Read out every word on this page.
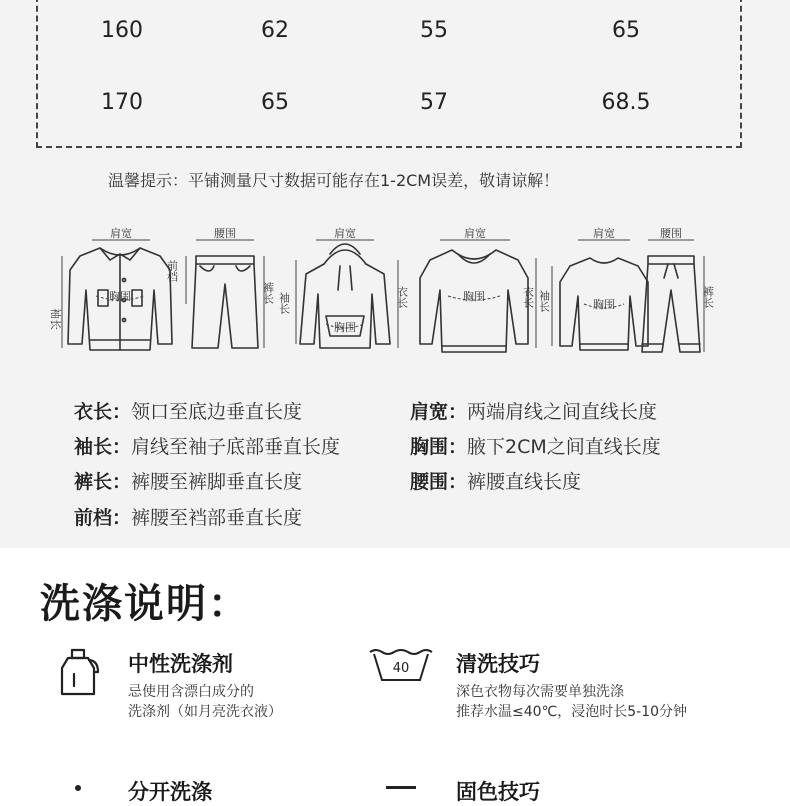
160	62	55	65
170	65	57	68.5
温馨提示：平铺测量尺寸数据可能存在1-2CM误差，敬请谅解！
肩宽	腰围	肩宽	肩宽	肩宽	腰围
胸围
胸围
胸围
胸围
袖长
前档
裤长 袖长	衣长	衣长 袖长	裤长
衣长：领口至底边垂直长度
袖长：肩线至袖子底部垂直长度
裤长：裤腰至裤脚垂直长度
前档：裤腰至裆部垂直长度
肩宽：两端肩线之间直线长度
胸围：腋下2CM之间直线长度
腰围：裤腰直线长度
洗涤说明：
中性洗涤剂
忌使用含漂白成分的
洗涤剂（如月亮洗衣液）
40 清洗技巧
深色衣物每次需要单独洗涤
推荐水温≤40℃，浸泡时长5-10分钟
分开洗涤	固色技巧
